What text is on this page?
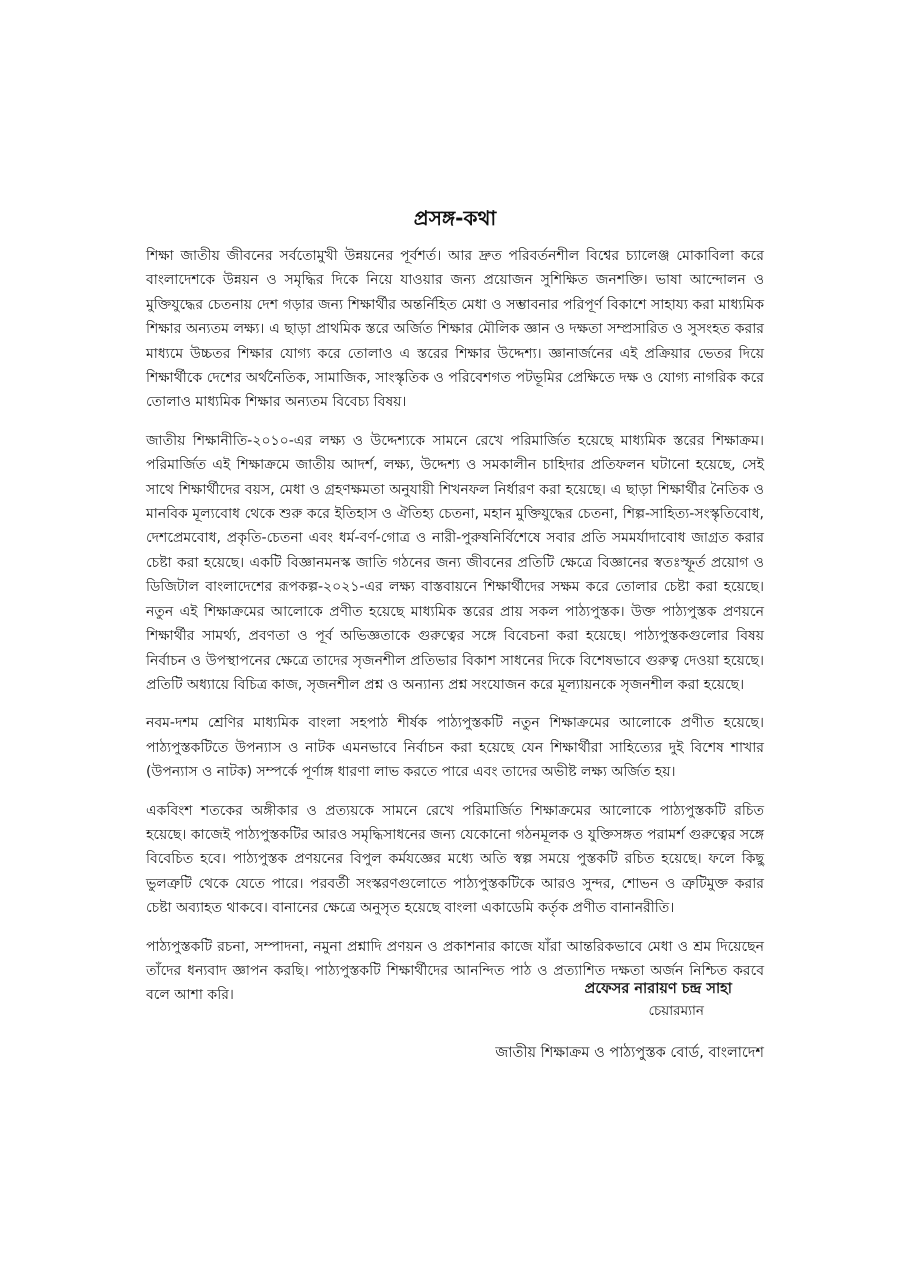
প্রসঙ্গ-কথা

শিক্ষা জাতীয় জীবনের সর্বতোমুখী উন্নয়নের পূর্বশর্ত। আর দ্রুত পরিবর্তনশীল বিশ্বের চ্যালেঞ্জ মোকাবিলা করে বাংলাদেশকে উন্নয়ন ও সমৃদ্ধির দিকে নিয়ে যাওয়ার জন্য প্রয়োজন সুশিক্ষিত জনশক্তি। ভাষা আন্দোলন ও মুক্তিযুদ্ধের চেতনায় দেশ গড়ার জন্য শিক্ষার্থীর অন্তর্নিহিত মেধা ও সম্ভাবনার পরিপূর্ণ বিকাশে সাহায্য করা মাধ্যমিক শিক্ষার অন্যতম লক্ষ্য। এ ছাড়া প্রাথমিক স্তরে অর্জিত শিক্ষার মৌলিক জ্ঞান ও দক্ষতা সম্প্রসারিত ও সুসংহত করার মাধ্যমে উচ্চতর শিক্ষার যোগ্য করে তোলাও এ স্তরের শিক্ষার উদ্দেশ্য। জ্ঞানার্জনের এই প্রক্রিয়ার ভেতর দিয়ে শিক্ষার্থীকে দেশের অর্থনৈতিক, সামাজিক, সাংস্কৃতিক ও পরিবেশগত পটভূমির প্রেক্ষিতে দক্ষ ও যোগ্য নাগরিক করে তোলাও মাধ্যমিক শিক্ষার অন্যতম বিবেচ্য বিষয়।

জাতীয় শিক্ষানীতি-২০১০-এর লক্ষ্য ও উদ্দেশ্যকে সামনে রেখে পরিমার্জিত হয়েছে মাধ্যমিক স্তরের শিক্ষাক্রম। পরিমার্জিত এই শিক্ষাক্রমে জাতীয় আদর্শ, লক্ষ্য, উদ্দেশ্য ও সমকালীন চাহিদার প্রতিফলন ঘটানো হয়েছে, সেই সাথে শিক্ষার্থীদের বয়স, মেধা ও গ্রহণক্ষমতা অনুযায়ী শিখনফল নির্ধারণ করা হয়েছে। এ ছাড়া শিক্ষার্থীর নৈতিক ও মানবিক মূল্যবোধ থেকে শুরু করে ইতিহাস ও ঐতিহ্য চেতনা, মহান মুক্তিযুদ্ধের চেতনা, শিল্প-সাহিত্য-সংস্কৃতিবোধ, দেশপ্রেমবোধ, প্রকৃতি-চেতনা এবং ধর্ম-বর্ণ-গোত্র ও নারী-পুরুষনির্বিশেষে সবার প্রতি সমমর্যাদাবোধ জাগ্রত করার চেষ্টা করা হয়েছে। একটি বিজ্ঞানমনস্ক জাতি গঠনের জন্য জীবনের প্রতিটি ক্ষেত্রে বিজ্ঞানের স্বতঃস্ফূর্ত প্রয়োগ ও ডিজিটাল বাংলাদেশের রূপকল্প-২০২১-এর লক্ষ্য বাস্তবায়নে শিক্ষার্থীদের সক্ষম করে তোলার চেষ্টা করা হয়েছে। নতুন এই শিক্ষাক্রমের আলোকে প্রণীত হয়েছে মাধ্যমিক স্তরের প্রায় সকল পাঠ্যপুস্তক। উক্ত পাঠ্যপুস্তক প্রণয়নে শিক্ষার্থীর সামর্থ্য, প্রবণতা ও পূর্ব অভিজ্ঞতাকে গুরুত্বের সঙ্গে বিবেচনা করা হয়েছে। পাঠ্যপুস্তকগুলোর বিষয় নির্বাচন ও উপস্থাপনের ক্ষেত্রে তাদের সৃজনশীল প্রতিভার বিকাশ সাধনের দিকে বিশেষভাবে গুরুত্ব দেওয়া হয়েছে। প্রতিটি অধ্যায়ে বিচিত্র কাজ, সৃজনশীল প্রশ্ন ও অন্যান্য প্রশ্ন সংযোজন করে মূল্যায়নকে সৃজনশীল করা হয়েছে।

নবম-দশম শ্রেণির মাধ্যমিক বাংলা সহপাঠ শীর্ষক পাঠ্যপুস্তকটি নতুন শিক্ষাক্রমের আলোকে প্রণীত হয়েছে। পাঠ্যপুস্তকটিতে উপন্যাস ও নাটক এমনভাবে নির্বাচন করা হয়েছে যেন শিক্ষার্থীরা সাহিত্যের দুই বিশেষ শাখার (উপন্যাস ও নাটক) সম্পর্কে পূর্ণাঙ্গ ধারণা লাভ করতে পারে এবং তাদের অভীষ্ট লক্ষ্য অর্জিত হয়।

একবিংশ শতকের অঙ্গীকার ও প্রত্যয়কে সামনে রেখে পরিমার্জিত শিক্ষাক্রমের আলোকে পাঠ্যপুস্তকটি রচিত হয়েছে। কাজেই পাঠ্যপুস্তকটির আরও সমৃদ্ধিসাধনের জন্য যেকোনো গঠনমূলক ও যুক্তিসঙ্গত পরামর্শ গুরুত্বের সঙ্গে বিবেচিত হবে। পাঠ্যপুস্তক প্রণয়নের বিপুল কর্মযজ্ঞের মধ্যে অতি স্বল্প সময়ে পুস্তকটি রচিত হয়েছে। ফলে কিছু ভুলত্রুটি থেকে যেতে পারে। পরবর্তী সংস্করণগুলোতে পাঠ্যপুস্তকটিকে আরও সুন্দর, শোভন ও ত্রুটিমুক্ত করার চেষ্টা অব্যাহত থাকবে। বানানের ক্ষেত্রে অনুসৃত হয়েছে বাংলা একাডেমি কর্তৃক প্রণীত বানানরীতি।

পাঠ্যপুস্তকটি রচনা, সম্পাদনা, নমুনা প্রশ্নাদি প্রণয়ন ও প্রকাশনার কাজে যাঁরা আন্তরিকভাবে মেধা ও শ্রম দিয়েছেন তাঁদের ধন্যবাদ জ্ঞাপন করছি। পাঠ্যপুস্তকটি শিক্ষার্থীদের আনন্দিত পাঠ ও প্রত্যাশিত দক্ষতা অর্জন নিশ্চিত করবে বলে আশা করি।	প্রফেসর নারায়ণ চন্দ্র সাহা

চেয়ারম্যান

জাতীয় শিক্ষাক্রম ও পাঠ্যপুস্তক বোর্ড, বাংলাদেশ
